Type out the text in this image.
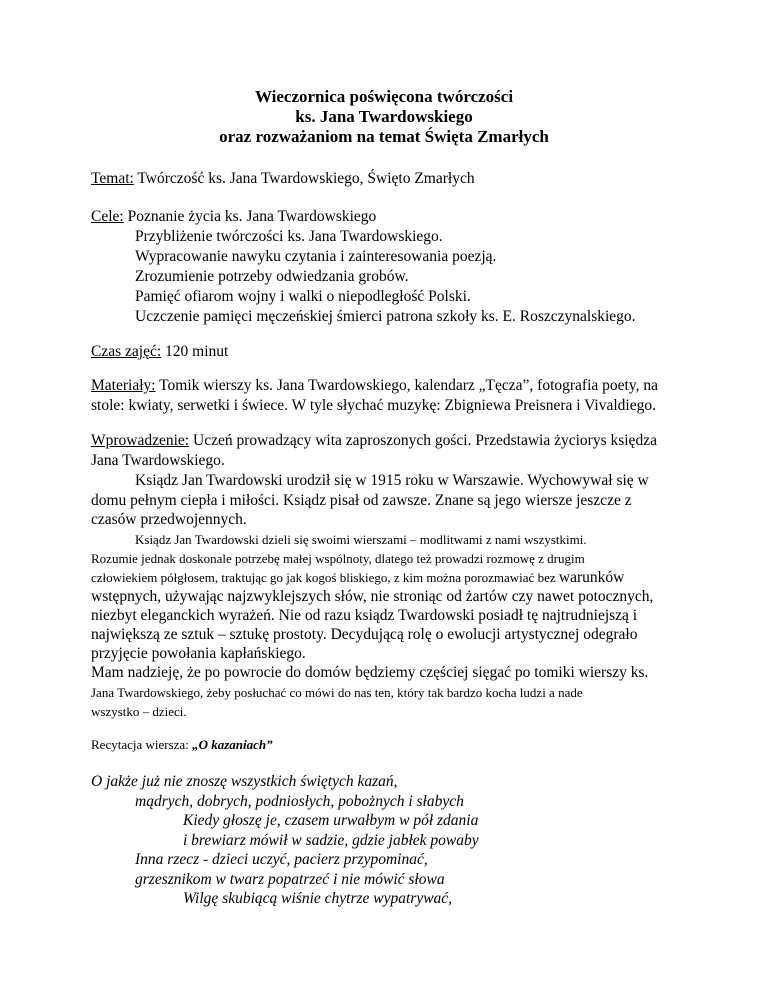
Wieczornica poświęcona twórczości
ks. Jana Twardowskiego
oraz rozważaniom na temat Święta Zmarłych
Temat: Twórczość ks. Jana Twardowskiego, Święto Zmarłych
Cele: Poznanie życia ks. Jana Twardowskiego
Przybliżenie twórczości ks. Jana Twardowskiego.
Wypracowanie nawyku czytania i zainteresowania poezją.
Zrozumienie potrzeby odwiedzania grobów.
Pamięć ofiarom wojny i walki o niepodległość Polski.
Uczczenie pamięci męczeńskiej śmierci patrona szkoły ks. E. Roszczynalskiego.
Czas zajęć: 120 minut
Materiały: Tomik wierszy ks. Jana Twardowskiego, kalendarz „Tęcza”, fotografia poety, na
stole: kwiaty, serwetki i świece. W tyle słychać muzykę: Zbigniewa Preisnera i Vivaldiego.
Wprowadzenie: Uczeń prowadzący wita zaproszonych gości. Przedstawia życiorys księdza
Jana Twardowskiego.
Ksiądz Jan Twardowski urodził się w 1915 roku w Warszawie. Wychowywał się w
domu pełnym ciepła i miłości. Ksiądz pisał od zawsze. Znane są jego wiersze jeszcze z
czasów przedwojennych.
Ksiądz Jan Twardowski dzieli się swoimi wierszami – modlitwami z nami wszystkimi.
Rozumie jednak doskonale potrzebę małej wspólnoty, dlatego też prowadzi rozmowę z drugim
człowiekiem półgłosem, traktując go jak kogoś bliskiego, z kim można porozmawiać bez warunków
wstępnych, używając najzwyklejszych słów, nie stroniąc od żartów czy nawet potocznych,
niezbyt eleganckich wyrażeń. Nie od razu ksiądz Twardowski posiadł tę najtrudniejszą i
największą ze sztuk – sztukę prostoty. Decydującą rolę o ewolucji artystycznej odegrało
przyjęcie powołania kapłańskiego.
Mam nadzieję, że po powrocie do domów będziemy częściej sięgać po tomiki wierszy ks.
Jana Twardowskiego, żeby posłuchać co mówi do nas ten, który tak bardzo kocha ludzi a nade
wszystko – dzieci.
Recytacja wiersza: „O kazaniach”
O jakże już nie znoszę wszystkich świętych kazań,
mądrych, dobrych, podniosłych, pobożnych i słabych
Kiedy głoszę je, czasem urwałbym w pół zdania
i brewiarz mówił w sadzie, gdzie jabłek powaby
Inna rzecz - dzieci uczyć, pacierz przypominać,
grzesznikom w twarz popatrzeć i nie mówić słowa
Wilgę skubiącą wiśnie chytrze wypatrywać,
